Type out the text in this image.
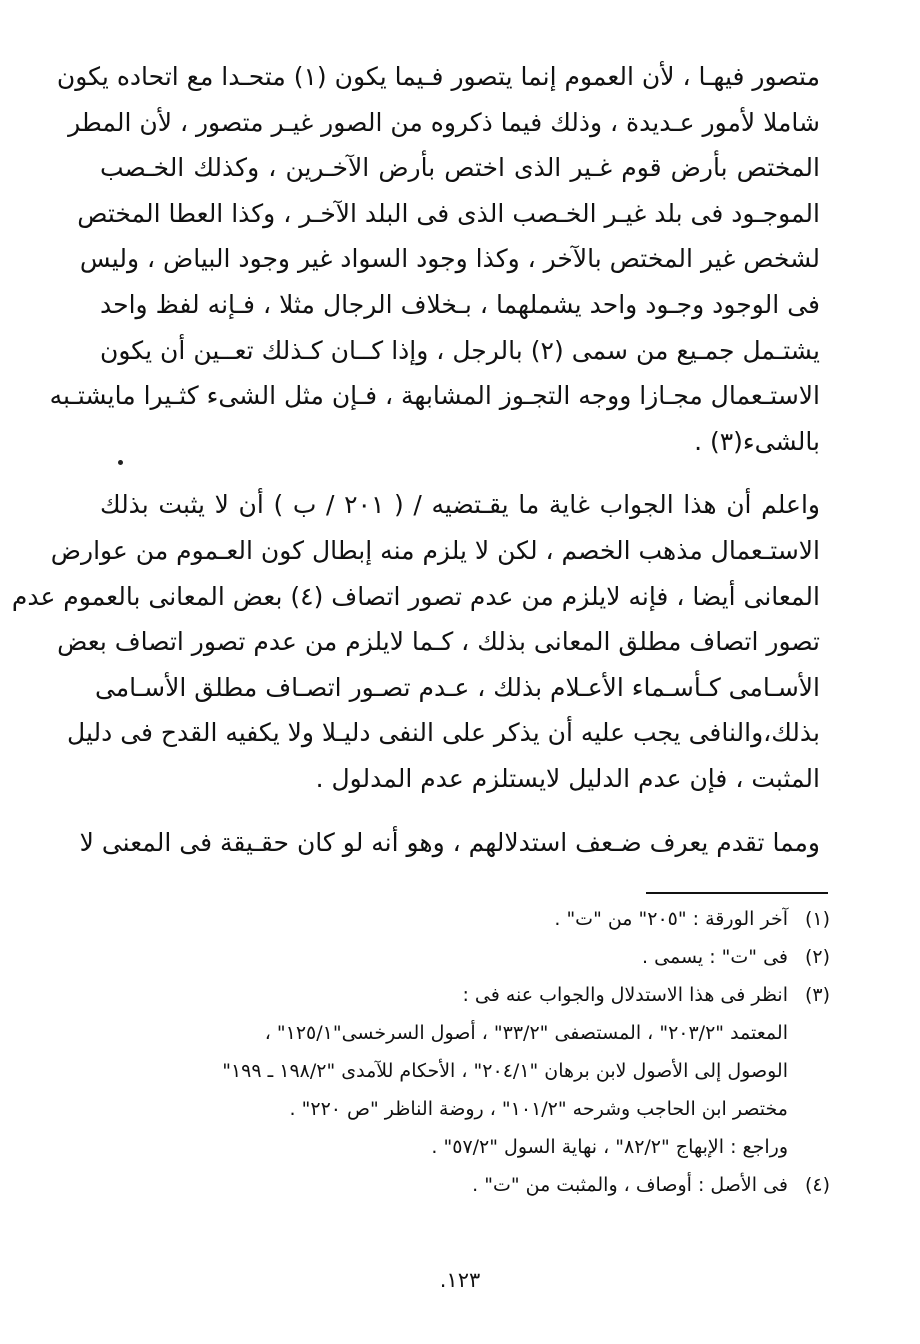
متصور فيهـا ، لأن العموم إنما يتصور فـيما يكون (١) متحـدا مع اتحاده يكون
شاملا لأمور عـديدة ، وذلك فيما ذكروه من الصور غيـر متصور ، لأن المطر
المختص بأرض قوم غـير الذى اختص بأرض الآخـرين ، وكذلك الخـصب
الموجـود فى بلد غيـر الخـصب الذى فى البلد الآخـر ، وكذا العطا المختص
لشخص غير المختص بالآخر ، وكذا وجود السواد غير وجود البياض ، وليس
فى الوجود وجـود واحد يشملهما ، بـخلاف الرجال مثلا ، فـإنه لفظ واحد
يشتـمل جمـيع من سمى (٢) بالرجل ، وإذا كــان كـذلك تعــين أن يكون
الاستـعمال مجـازا ووجه التجـوز المشابهة ، فـإن مثل الشىء كثـيرا مايشتـبه
بالشىء(٣) .
واعلم أن هذا الجواب غاية ما يقـتضيه / ( ٢٠١ / ب ) أن لا يثبت بذلك
الاستـعمال مذهب الخصم ، لكن لا يلزم منه إبطال كون العـموم من عوارض
المعانى أيضا ، فإنه لايلزم من عدم تصور اتصاف (٤) بعض المعانى بالعموم عدم
تصور اتصاف مطلق المعانى بذلك ، كـما لايلزم من عدم تصور اتصاف بعض
الأسـامى كـأسـماء الأعـلام بذلك ، عـدم تصـور اتصـاف مطلق الأسـامى
بذلك،والنافى يجب عليه أن يذكر على النفى دليـلا ولا يكفيه القدح فى دليل
المثبت ، فإن عدم الدليل لايستلزم عدم المدلول .
ومما تقدم يعرف ضـعف استدلالهم ، وهو أنه لو كان حقـيقة فى المعنى لا
(١)آخر الورقة : "٢٠٥" من "ت" .
(٢)فى "ت" : يسمى .
(٣)انظر فى هذا الاستدلال والجواب عنه فى :
المعتمد "٢٠٣/٢" ، المستصفى "٣٣/٢" ، أصول السرخسى"١٢٥/١" ،
الوصول إلى الأصول لابن برهان "٢٠٤/١" ، الأحكام للآمدى "١٩٨/٢ ـ ١٩٩"
مختصر ابن الحاجب وشرحه "١٠١/٢" ، روضة الناظر "ص ٢٢٠" .
وراجع : الإبهاج "٨٢/٢" ، نهاية السول "٥٧/٢" .
(٤)فى الأصل : أوصاف ، والمثبت من "ت" .
١٢٣.
